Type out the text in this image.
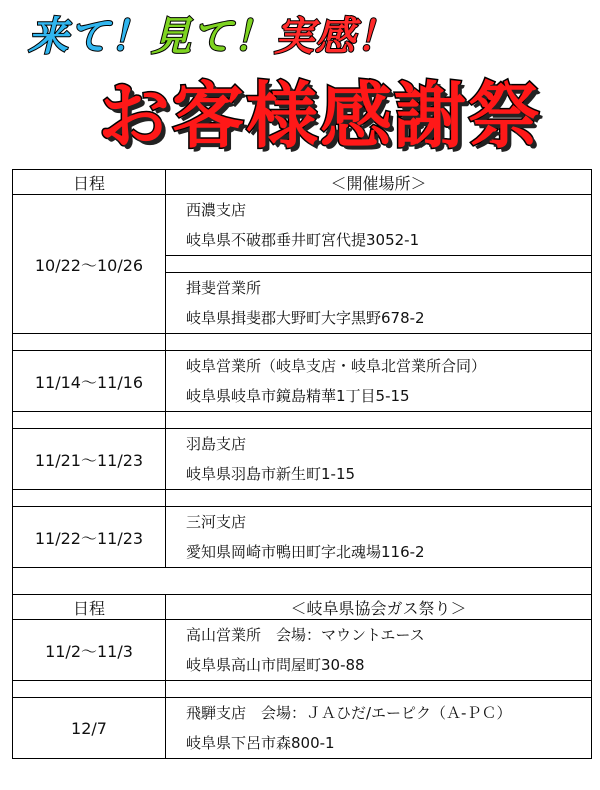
来て！ 見て！ 実感！
お客様感謝祭
日程	＜開催場所＞
10/22～10/26	西濃支店
岐阜県不破郡垂井町宮代提3052-1

	揖斐営業所
岐阜県揖斐郡大野町大字黒野678-2

11/14～11/16	岐阜営業所（岐阜支店・岐阜北営業所合同）
岐阜県岐阜市鏡島精華1丁目5-15

11/21～11/23	羽島支店
岐阜県羽島市新生町1-15

11/22～11/23	三河支店
愛知県岡崎市鴨田町字北魂場116-2

日程	＜岐阜県協会ガス祭り＞
11/2～11/3	高山営業所　会場：マウントエース
岐阜県高山市問屋町30-88

12/7	飛騨支店　会場：ＪＡひだ/エーピク（Ａ-ＰＣ）
岐阜県下呂市森800-1
